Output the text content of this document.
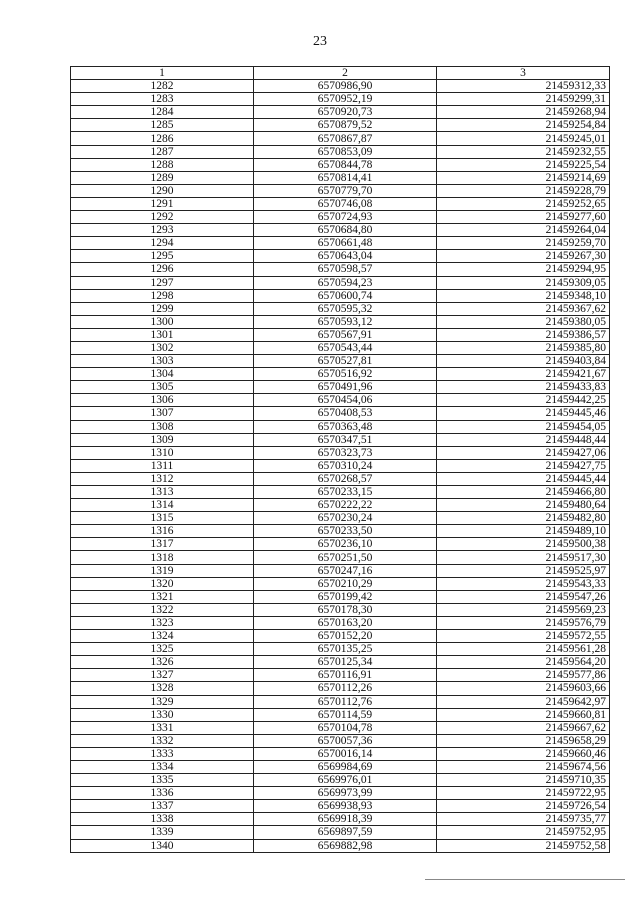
23
1	2	3
1282	6570986,90	21459312,33
1283	6570952,19	21459299,31
1284	6570920,73	21459268,94
1285	6570879,52	21459254,84
1286	6570867,87	21459245,01
1287	6570853,09	21459232,55
1288	6570844,78	21459225,54
1289	6570814,41	21459214,69
1290	6570779,70	21459228,79
1291	6570746,08	21459252,65
1292	6570724,93	21459277,60
1293	6570684,80	21459264,04
1294	6570661,48	21459259,70
1295	6570643,04	21459267,30
1296	6570598,57	21459294,95
1297	6570594,23	21459309,05
1298	6570600,74	21459348,10
1299	6570595,32	21459367,62
1300	6570593,12	21459380,05
1301	6570567,91	21459386,57
1302	6570543,44	21459385,80
1303	6570527,81	21459403,84
1304	6570516,92	21459421,67
1305	6570491,96	21459433,83
1306	6570454,06	21459442,25
1307	6570408,53	21459445,46
1308	6570363,48	21459454,05
1309	6570347,51	21459448,44
1310	6570323,73	21459427,06
1311	6570310,24	21459427,75
1312	6570268,57	21459445,44
1313	6570233,15	21459466,80
1314	6570222,22	21459480,64
1315	6570230,24	21459482,80
1316	6570233,50	21459489,10
1317	6570236,10	21459500,38
1318	6570251,50	21459517,30
1319	6570247,16	21459525,97
1320	6570210,29	21459543,33
1321	6570199,42	21459547,26
1322	6570178,30	21459569,23
1323	6570163,20	21459576,79
1324	6570152,20	21459572,55
1325	6570135,25	21459561,28
1326	6570125,34	21459564,20
1327	6570116,91	21459577,86
1328	6570112,26	21459603,66
1329	6570112,76	21459642,97
1330	6570114,59	21459660,81
1331	6570104,78	21459667,62
1332	6570057,36	21459658,29
1333	6570016,14	21459660,46
1334	6569984,69	21459674,56
1335	6569976,01	21459710,35
1336	6569973,99	21459722,95
1337	6569938,93	21459726,54
1338	6569918,39	21459735,77
1339	6569897,59	21459752,95
1340	6569882,98	21459752,58
